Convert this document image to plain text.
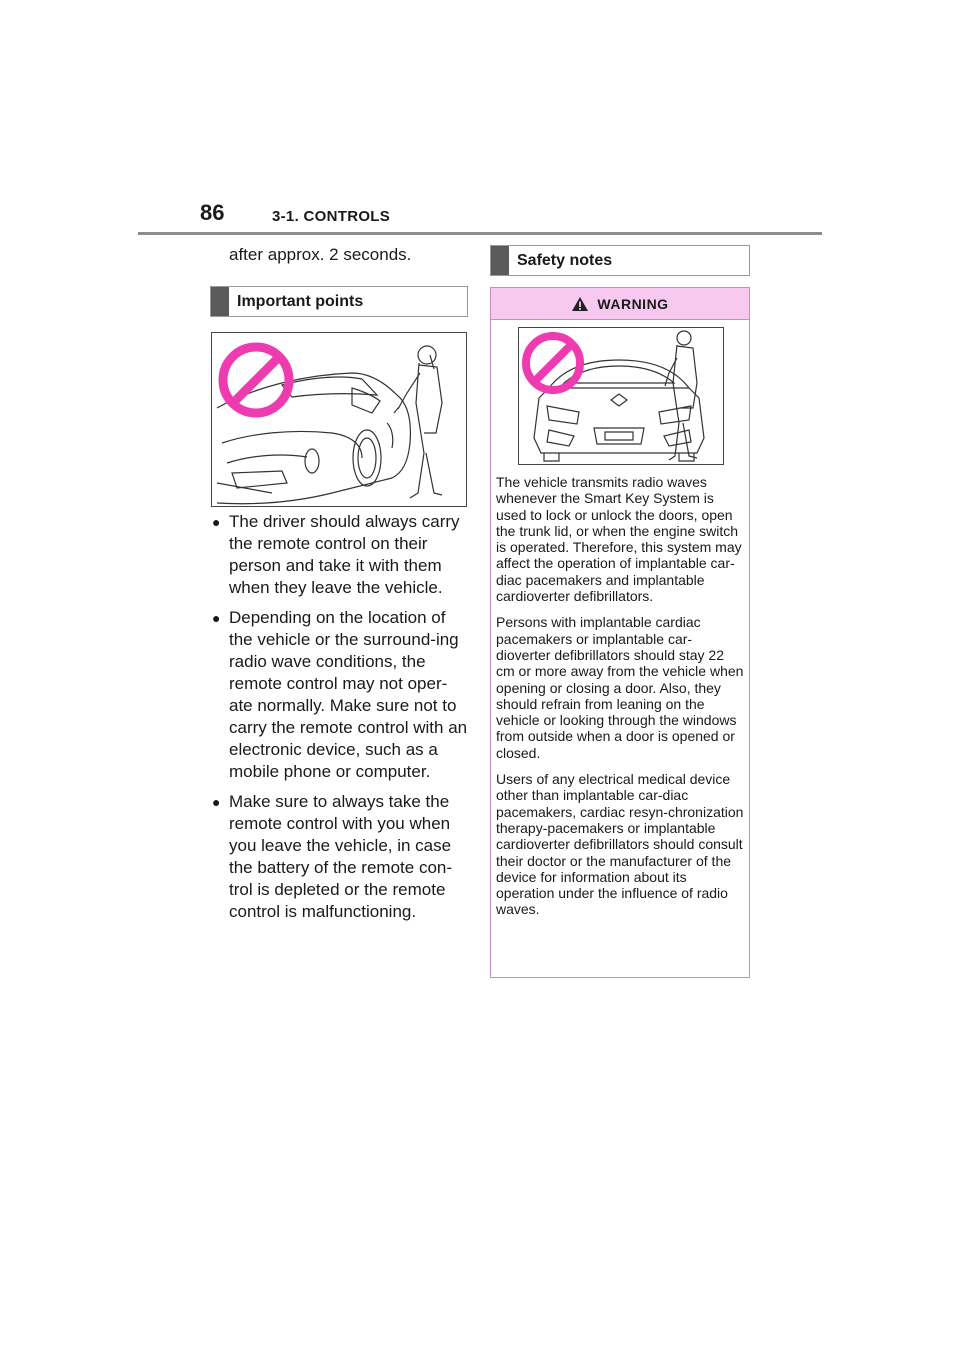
86	3-1. CONTROLS
after approx. 2 seconds.
Important points
● The driver should always carry the remote control on their person and take it with them when they leave the vehicle.
● Depending on the location of the vehicle or the surround-ing radio wave conditions, the remote control may not oper-ate normally. Make sure not to carry the remote control with an electronic device, such as a mobile phone or computer.
● Make sure to always take the remote control with you when you leave the vehicle, in case the battery of the remote con-trol is depleted or the remote control is malfunctioning.
Safety notes
WARNING

The vehicle transmits radio waves whenever the Smart Key System is used to lock or unlock the doors, open the trunk lid, or when the engine switch is operated. Therefore, this system may affect the operation of implantable car-diac pacemakers and implantable cardioverter defibrillators.

Persons with implantable cardiac pacemakers or implantable car-dioverter defibrillators should stay 22 cm or more away from the vehicle when opening or closing a door. Also, they should refrain from leaning on the vehicle or looking through the windows from outside when a door is opened or closed.

Users of any electrical medical device other than implantable car-diac pacemakers, cardiac resyn-chronization therapy-pacemakers or implantable cardioverter defibrillators should consult their doctor or the manufacturer of the device for information about its operation under the influence of radio waves.
